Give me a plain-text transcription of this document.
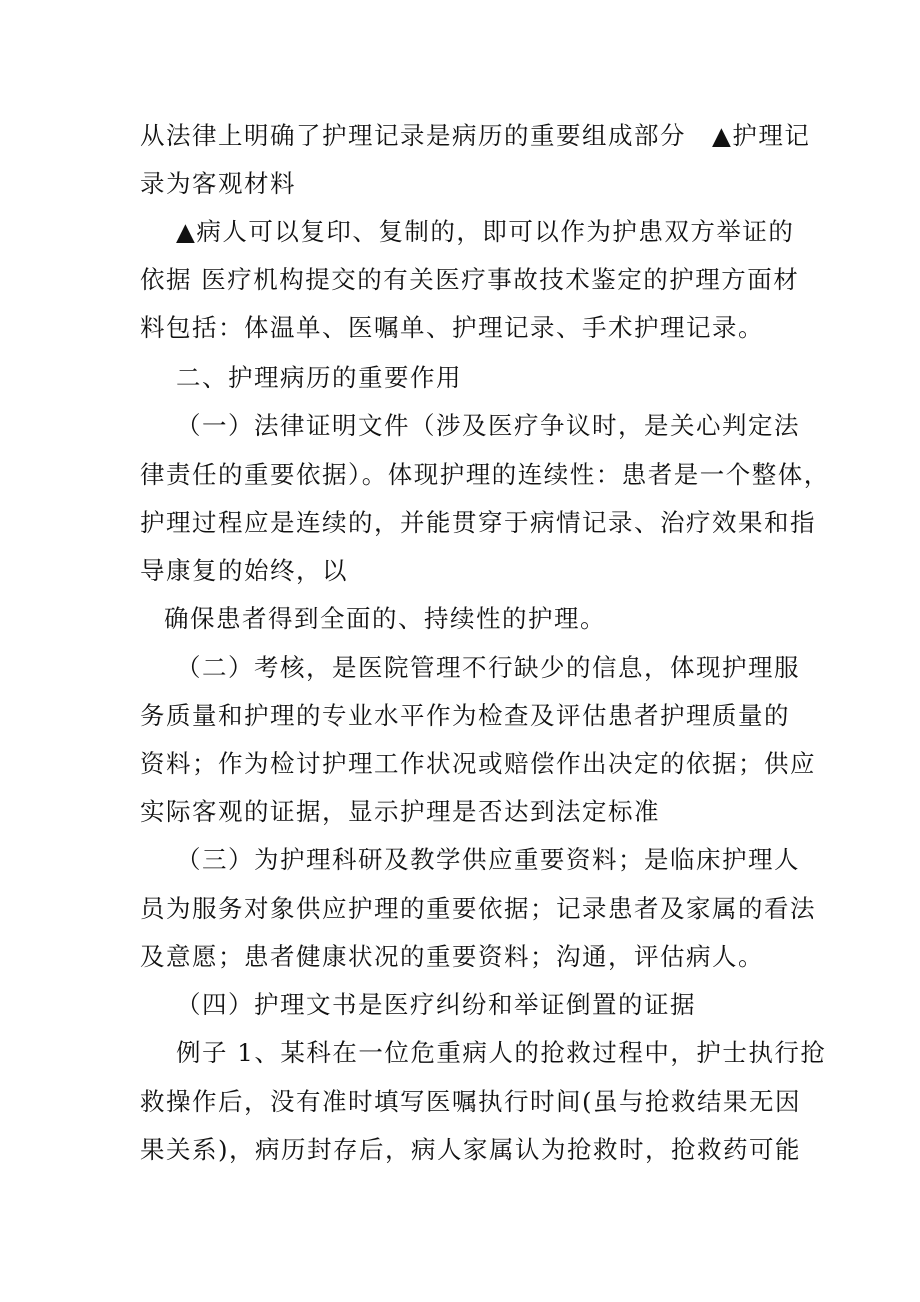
从法律上明确了护理记录是病历的重要组成部分　▲护理记
录为客观材料
▲病人可以复印、复制的，即可以作为护患双方举证的
依据 医疗机构提交的有关医疗事故技术鉴定的护理方面材
料包括：体温单、医嘱单、护理记录、手术护理记录。
二、护理病历的重要作用
（一）法律证明文件（涉及医疗争议时，是关心判定法
律责任的重要依据）。体现护理的连续性：患者是一个整体，
护理过程应是连续的，并能贯穿于病情记录、治疗效果和指
导康复的始终，以
确保患者得到全面的、持续性的护理。
（二）考核，是医院管理不行缺少的信息，体现护理服
务质量和护理的专业水平作为检查及评估患者护理质量的
资料；作为检讨护理工作状况或赔偿作出决定的依据；供应
实际客观的证据，显示护理是否达到法定标准
（三）为护理科研及教学供应重要资料；是临床护理人
员为服务对象供应护理的重要依据；记录患者及家属的看法
及意愿；患者健康状况的重要资料；沟通，评估病人。
（四）护理文书是医疗纠纷和举证倒置的证据
例子 1、某科在一位危重病人的抢救过程中，护士执行抢
救操作后，没有准时填写医嘱执行时间(虽与抢救结果无因
果关系)，病历封存后，病人家属认为抢救时，抢救药可能
